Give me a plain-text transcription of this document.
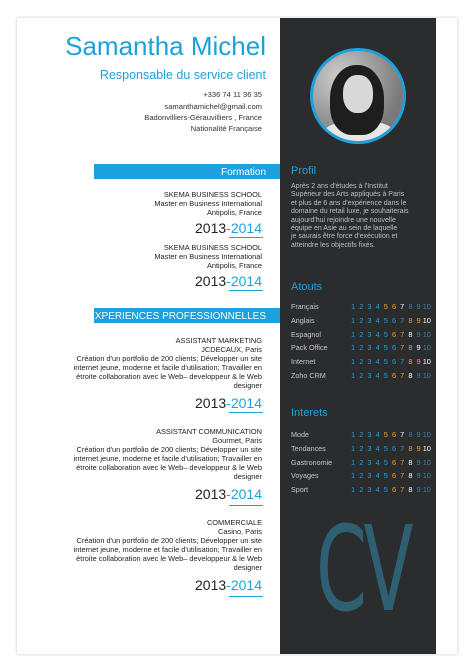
Samantha Michel
Responsable du service client
+336 74 11 36 35
samanthamichel@gmail.com
Badonvilliers-Gérauvilliers , France
Nationalité Française
Formation
SKEMA BUSINESS SCHOOL
Master en Business International
Antipolis, France
2013-2014
SKEMA BUSINESS SCHOOL
Master en Business International
Antipolis, France
2013-2014
EXPERIENCES PROFESSIONNELLES
ASSISTANT MARKETING
JCDECAUX, Paris
Création d'un portfolio de 200 clients; Développer un site
internet jeune, moderne et facile d'utilisation; Travailler en
étroite collaboration avec le Web– developpeur & le Web
designer
2013-2014
ASSISTANT COMMUNICATION
Gourmet, Paris
Création d'un portfolio de 200 clients; Développer un site
internet jeune, moderne et facile d'utilisation; Travailler en
étroite collaboration avec le Web– developpeur & le Web
designer
2013-2014
COMMERCIALE
Casino, Paris
Création d'un portfolio de 200 clients; Développer un site
internet jeune, moderne et facile d'utilisation; Travailler en
étroite collaboration avec le Web– developpeur & le Web
designer
2013-2014
Profil
Après 2 ans d'études à l'Institut
Supérieur des Arts appliqués à Paris
et plus de 6 ans d'expérience dans le
domaine du retail luxe, je souhaiterais
aujourd'hui rejoindre une nouvelle
équipe en Asie au sein de laquelle
je saurais être force d'exécution et
atteindre les objectifs fixés.
Atouts
Français	1 2 3 4 5 6 7 8 9 10
Anglais	1 2 3 4 5 6 7 8 9 10
Espagnol	1 2 3 4 5 6 7 8 9 10
Pack Office	1 2 3 4 5 6 7 8 9 10
Internet	1 2 3 4 5 6 7 8 9 10
Zoho CRM	1 2 3 4 5 6 7 8 9 10
Interets
Mode	1 2 3 4 5 6 7 8 9 10
Tendances	1 2 3 4 5 6 7 8 9 10
Gastronomie	1 2 3 4 5 6 7 8 9 10
Voyages	1 2 3 4 5 6 7 8 9 10
Sport	1 2 3 4 5 6 7 8 9 10
CV
